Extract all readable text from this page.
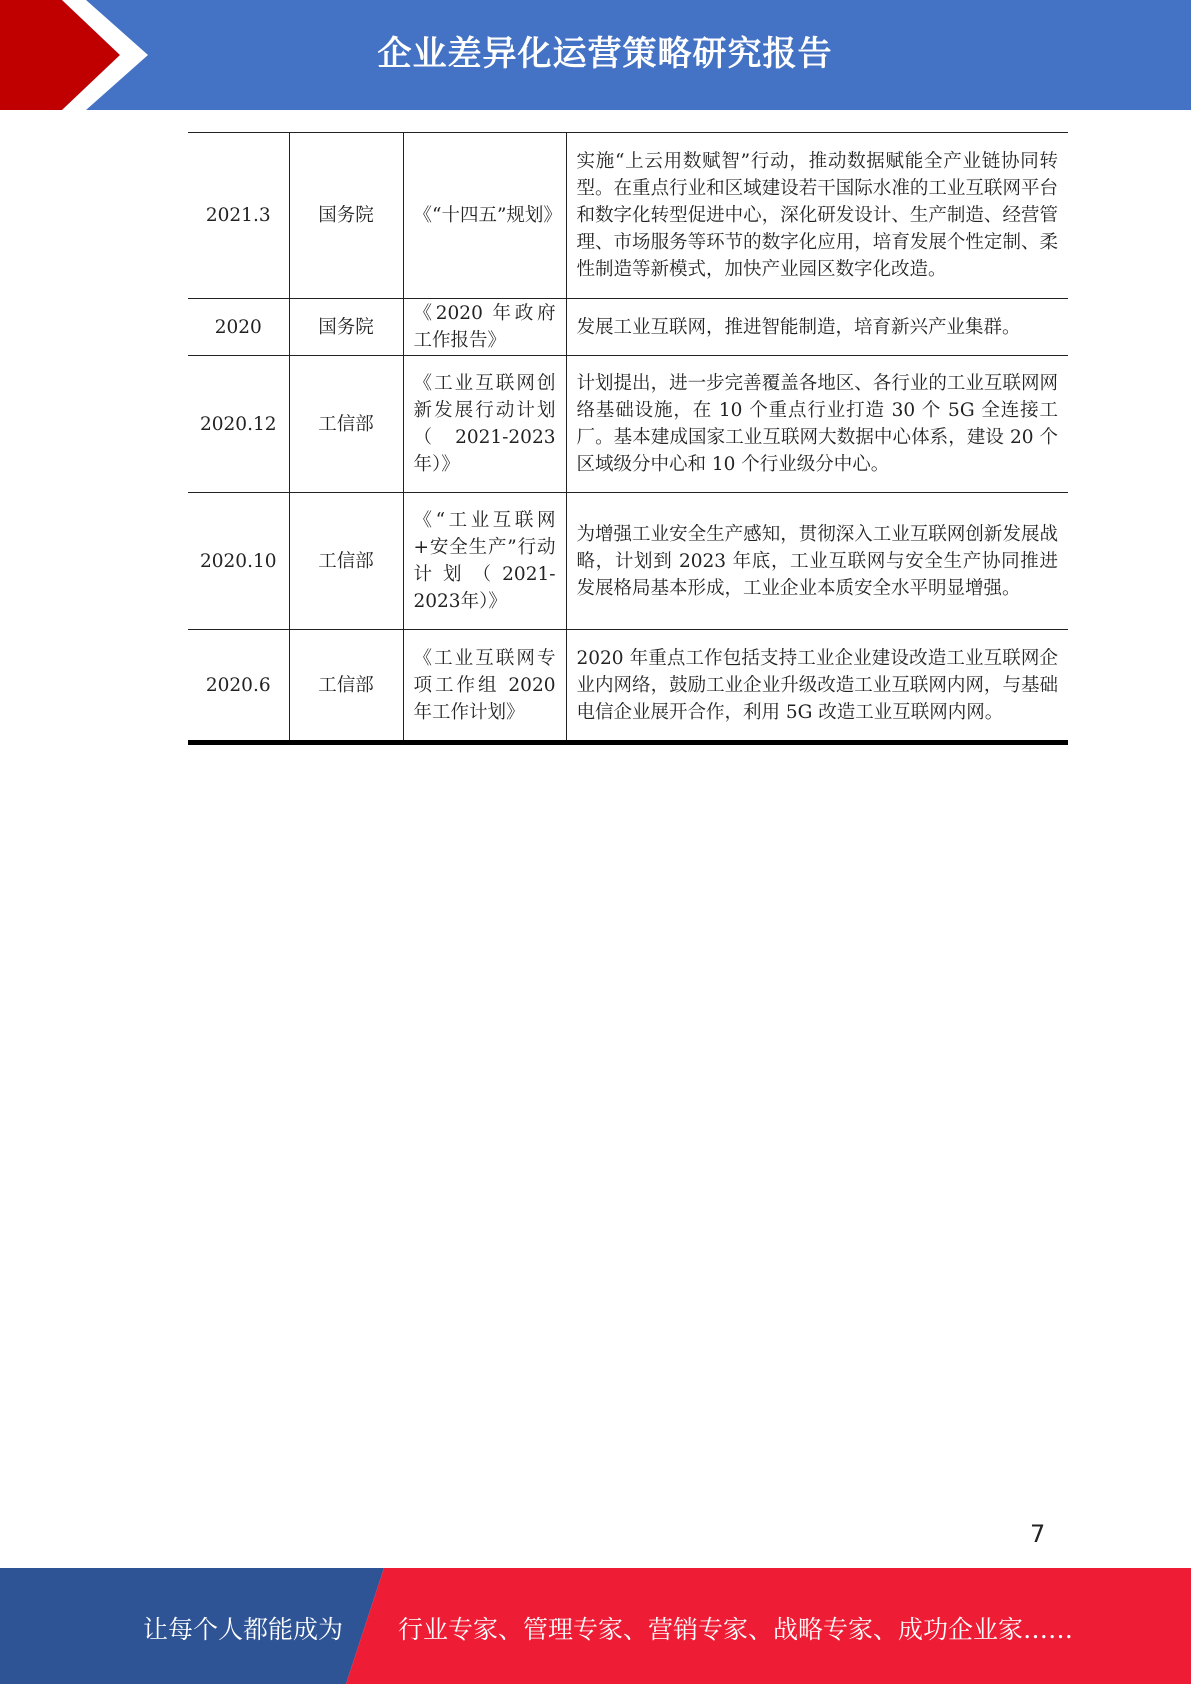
企业差异化运营策略研究报告
2021.3	国务院	《“十四五”规划》	实施“上云用数赋智”行动，推动数据赋能全产业链协同转型。在重点行业和区域建设若干国际水准的工业互联网平台和数字化转型促进中心，深化研发设计、生产制造、经营管理、市场服务等环节的数字化应用，培育发展个性定制、柔性制造等新模式，加快产业园区数字化改造。
2020	国务院	《2020 年政府工作报告》	发展工业互联网，推进智能制造，培育新兴产业集群。
2020.12	工信部	《工业互联网创新发展行动计划（2021-2023年）》	计划提出，进一步完善覆盖各地区、各行业的工业互联网网络基础设施，在 10 个重点行业打造 30 个 5G 全连接工厂。基本建成国家工业互联网大数据中心体系，建设 20 个区域级分中心和 10 个行业级分中心。
2020.10	工信部	《“工业互联网+安全生产”行动计划（2021-2023年）》	为增强工业安全生产感知，贯彻深入工业互联网创新发展战略，计划到 2023 年底，工业互联网与安全生产协同推进发展格局基本形成，工业企业本质安全水平明显增强。
2020.6	工信部	《工业互联网专项工作组 2020 年工作计划》	2020 年重点工作包括支持工业企业建设改造工业互联网企业内网络，鼓励工业企业升级改造工业互联网内网，与基础电信企业展开合作，利用 5G 改造工业互联网内网。
7
让每个人都能成为 行业专家、管理专家、营销专家、战略专家、成功企业家……
